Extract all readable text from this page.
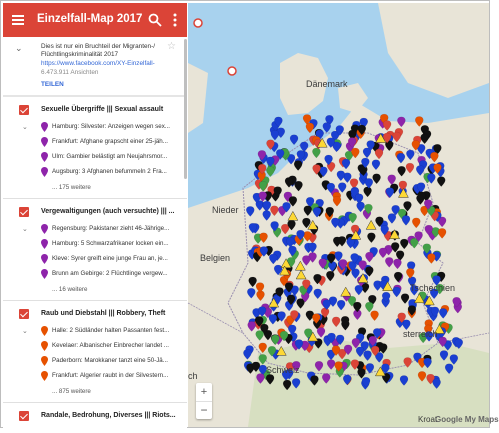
Einzelfall-Map 2017
⌄	Dies ist nur ein Bruchteil der Migranten-/ Flüchtlingskriminalität 2017
https://www.facebook.com/XY-Einzelfall-
6.473.911 Ansichten
TEILEN
☆
Sexuelle Übergriffe ||| Sexual assault
⌄	Hamburg: Silvester: Anzeigen wegen sex...
Frankfurt: Afghane grapscht einer 25-jäh...
Ulm: Gambier belästigt am Neujahrsmor...
Augsburg: 3 Afghanen befummeln 2 Fra...
... 175 weitere
Vergewaltigungen (auch versuchte) ||| ...
⌄	Regensburg: Pakistaner zieht 46-Jährige...
Hamburg: 5 Schwarzafrikaner locken ein...
Kleve: Syrer greift eine junge Frau an, je...
Brunn am Gebirge: 2 Flüchtlinge vergew...
... 16 weitere
Raub und Diebstahl ||| Robbery, Theft
⌄	Halle: 2 Südländer halten Passanten fest...
Kevelaer: Albanischer Einbrecher landet ...
Paderborn: Marokkaner tanzt eine 50-Jä...
Frankfurt: Algerier raubt in der Silvestern...
... 875 weitere
Randale, Bedrohung, Diverses ||| Riots...
Dänemark
Nieder
Belgien
Tschechien
Schweiz
sterreich
Kroat
ch
+
−
Google My Maps
